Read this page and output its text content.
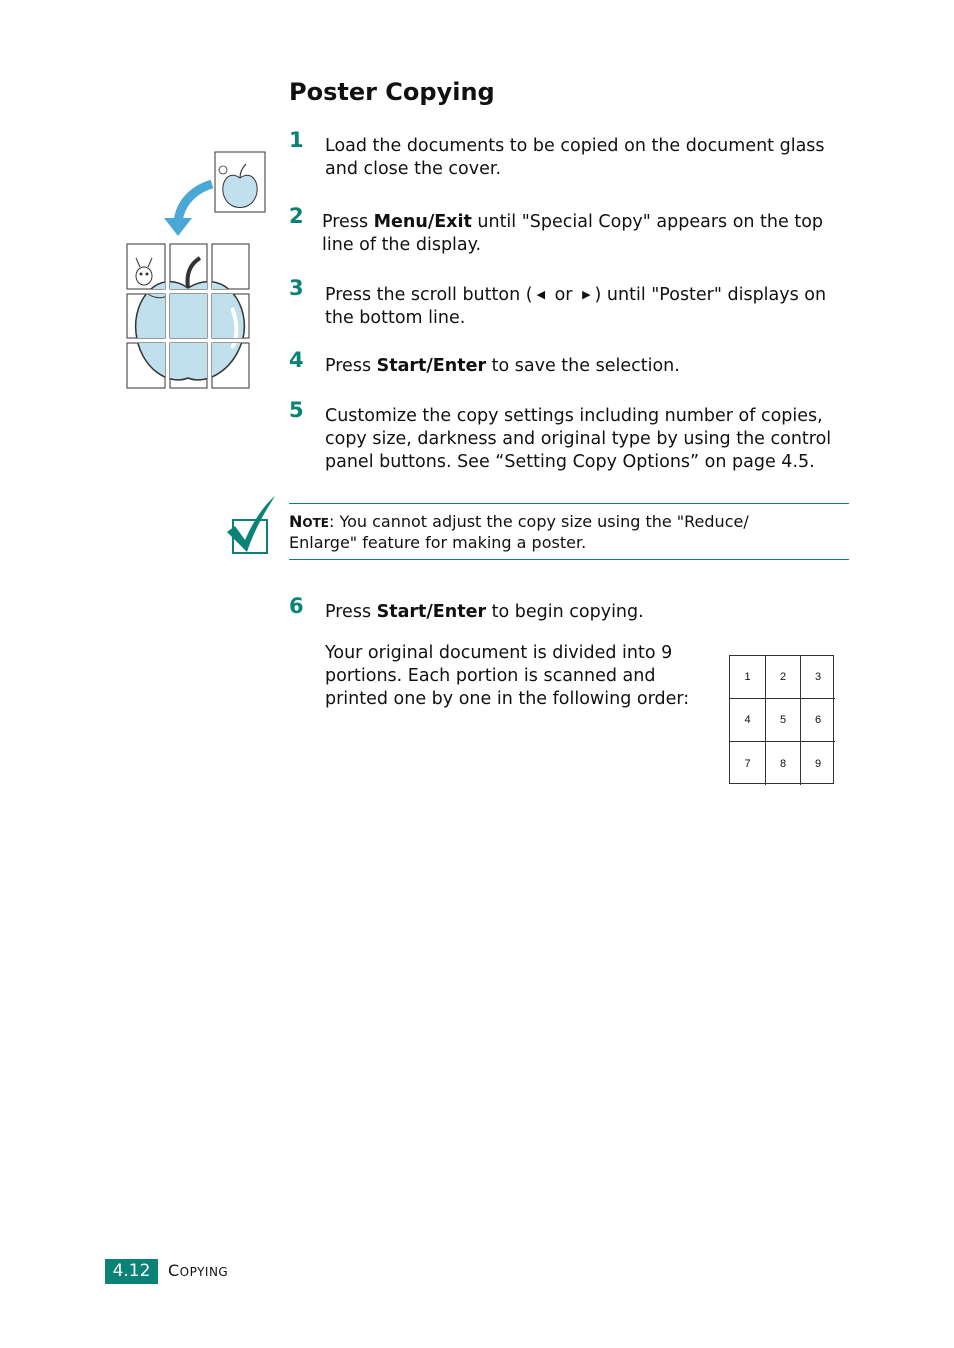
Poster Copying
1 Load the documents to be copied on the document glass and close the cover.
2 Press Menu/Exit until "Special Copy" appears on the top line of the display.
3 Press the scroll button ( ◀ or ▶ ) until "Poster" displays on the bottom line.
4 Press Start/Enter to save the selection.
5 Customize the copy settings including number of copies, copy size, darkness and original type by using the control panel buttons. See “Setting Copy Options” on page 4.5.
NOTE: You cannot adjust the copy size using the "Reduce/ Enlarge" feature for making a poster.
6 Press Start/Enter to begin copying.
Your original document is divided into 9 portions. Each portion is scanned and printed one by one in the following order:
1	2	3
4	5	6
7	8	9
4.12	COPYING
